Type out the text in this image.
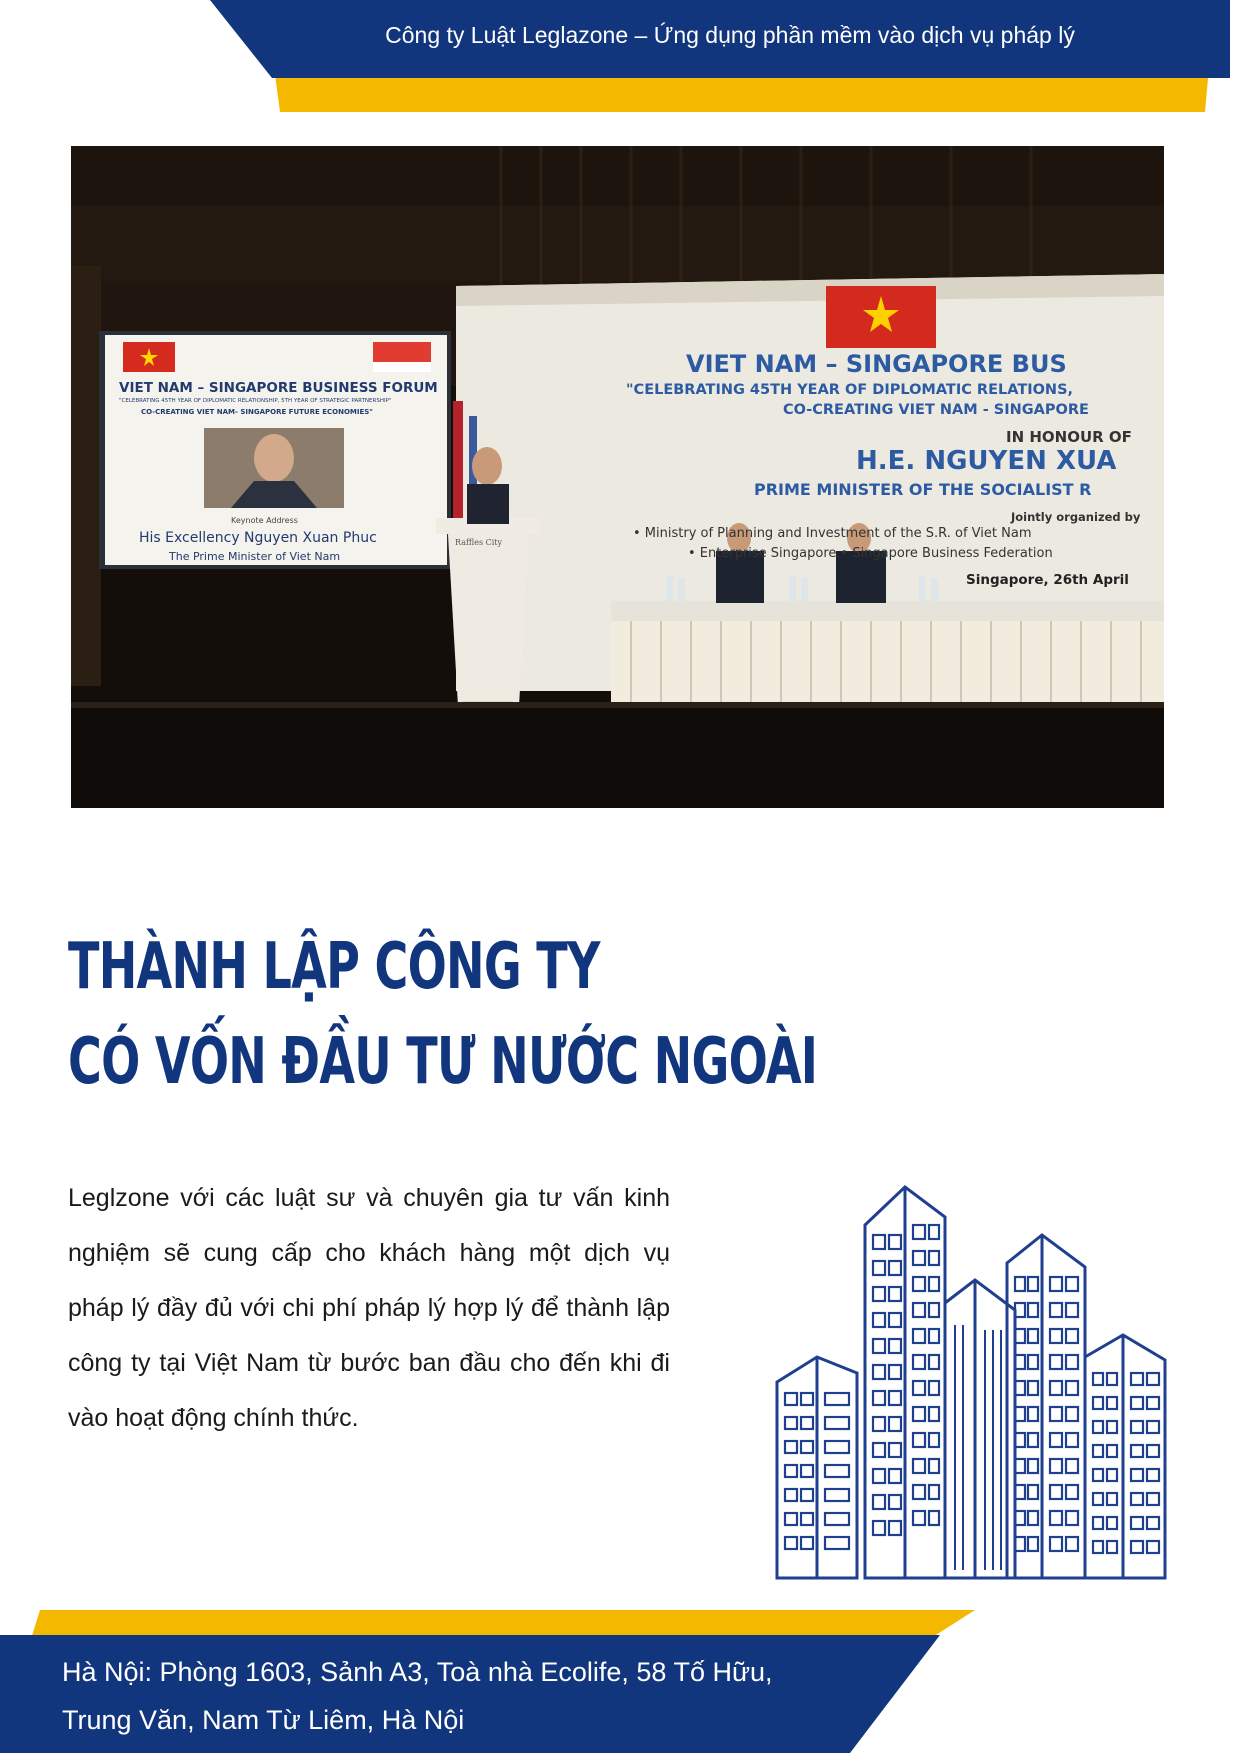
Công ty Luật Leglazone – Ứng dụng phần mềm vào dịch vụ pháp lý
VIET NAM – SINGAPORE BUSINESS FORUM
"CELEBRATING 45TH YEAR OF DIPLOMATIC RELATIONSHIP, 5TH YEAR OF STRATEGIC PARTNERSHIP"
CO-CREATING VIET NAM- SINGAPORE FUTURE ECONOMIES"
Keynote Address
His Excellency Nguyen Xuan Phuc
The Prime Minister of Viet Nam
Raffles City
VIET NAM – SINGAPORE BUS
"CELEBRATING 45TH YEAR OF DIPLOMATIC RELATIONS,
CO-CREATING VIET NAM - SINGAPORE
IN HONOUR OF
H.E. NGUYEN XUA
PRIME MINISTER OF THE SOCIALIST R
Jointly organized by
• Ministry of Planning and Investment of the S.R. of Viet Nam
• Enterprise Singapore • Singapore Business Federation
Singapore, 26th April
THÀNH LẬP CÔNG TY
CÓ VỐN ĐẦU TƯ NƯỚC NGOÀI
Leglzone với các luật sư và chuyên gia tư vấn kinh nghiệm sẽ cung cấp cho khách hàng một dịch vụ pháp lý đầy đủ với chi phí pháp lý hợp lý để thành lập công ty tại Việt Nam từ bước ban đầu cho đến khi đi vào hoạt động chính thức.
Hà Nội: Phòng 1603, Sảnh A3, Toà nhà Ecolife, 58 Tố Hữu,
Trung Văn, Nam Từ Liêm, Hà Nội
